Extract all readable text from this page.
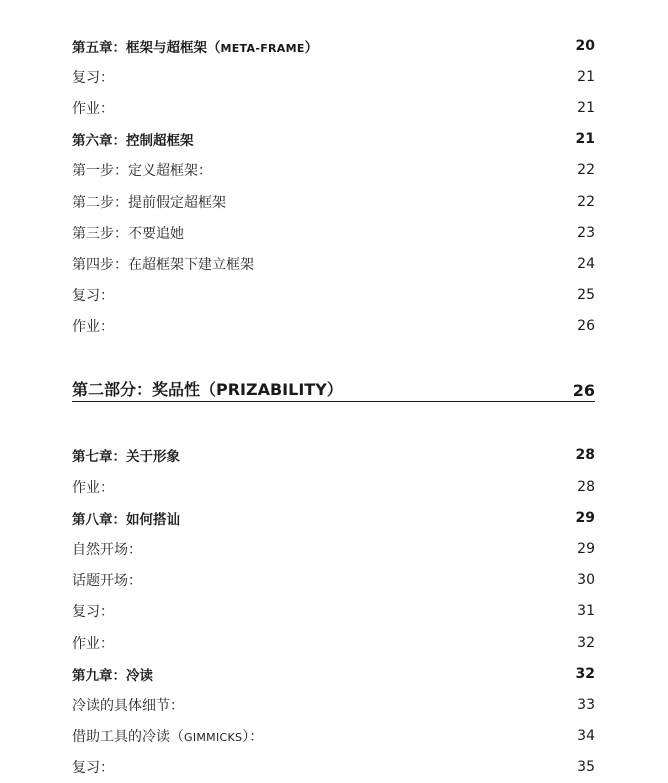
第五章：框架与超框架（META-FRAME）	20
复习：	21
作业：	21
第六章：控制超框架	21
第一步：定义超框架：	22
第二步：提前假定超框架	22
第三步：不要追她	23
第四步：在超框架下建立框架	24
复习：	25
作业：	26
第二部分：奖品性（PRIZABILITY）	26
第七章：关于形象	28
作业：	28
第八章：如何搭讪	29
自然开场：	29
话题开场：	30
复习：	31
作业：	32
第九章：冷读	32
冷读的具体细节：	33
借助工具的冷读（GIMMICKS）：	34
复习：	35
